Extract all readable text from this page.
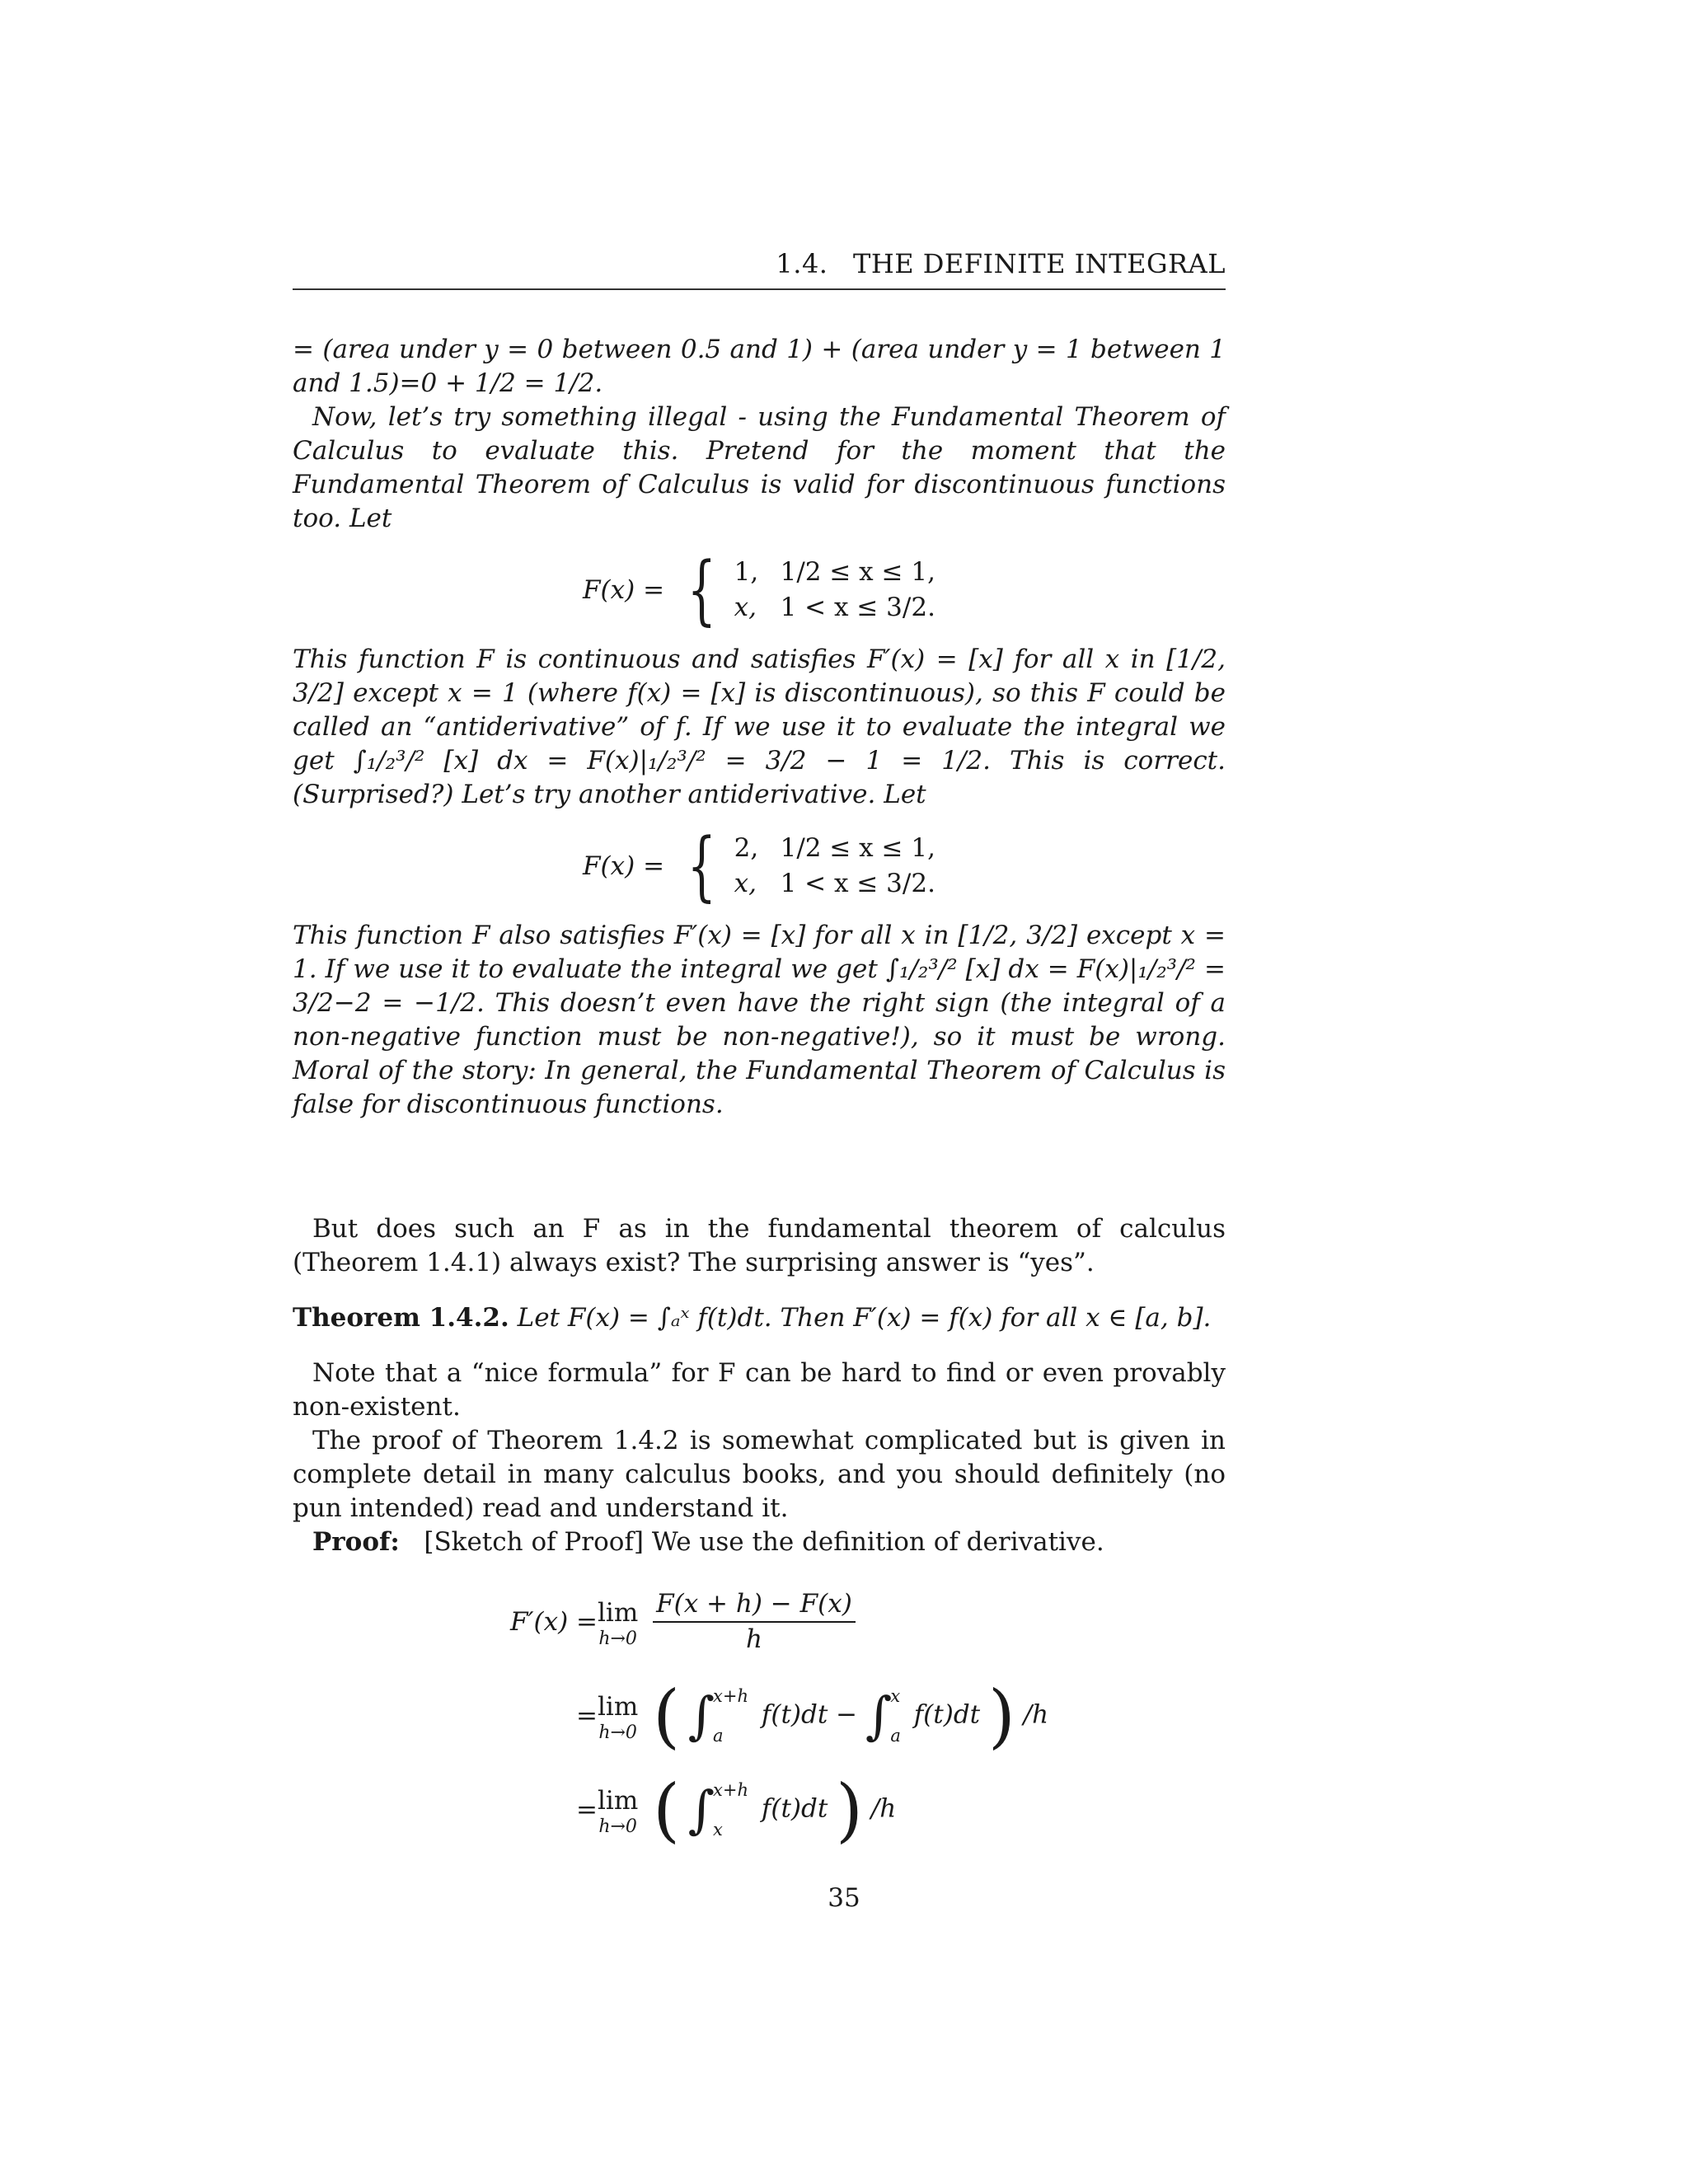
1.4. THE DEFINITE INTEGRAL

= (area under y = 0 between 0.5 and 1) + (area under y = 1 between 1 and 1.5)=0 + 1/2 = 1/2.

Now, let’s try something illegal - using the Fundamental Theorem of Calculus to evaluate this. Pretend for the moment that the Fundamental Theorem of Calculus is valid for discontinuous functions too. Let

F(x) = { 1, 1/2 ≤ x ≤ 1,
x, 1 < x ≤ 3/2.

This function F is continuous and satisfies F′(x) = [x] for all x in [1/2, 3/2] except x = 1 (where f(x) = [x] is discontinuous), so this F could be called an “antiderivative” of f. If we use it to evaluate the integral we get ∫₁/₂³/² [x] dx = F(x)|₁/₂³/² = 3/2 − 1 = 1/2. This is correct. (Surprised?) Let’s try another antiderivative. Let

F(x) = { 2, 1/2 ≤ x ≤ 1,
x, 1 < x ≤ 3/2.

This function F also satisfies F′(x) = [x] for all x in [1/2, 3/2] except x = 1. If we use it to evaluate the integral we get ∫₁/₂³/² [x] dx = F(x)|₁/₂³/² = 3/2−2 = −1/2. This doesn’t even have the right sign (the integral of a non-negative function must be non-negative!), so it must be wrong. Moral of the story: In general, the Fundamental Theorem of Calculus is false for discontinuous functions.

But does such an F as in the fundamental theorem of calculus (Theorem 1.4.1) always exist? The surprising answer is “yes”.

Theorem 1.4.2. Let F(x) = ∫ₐˣ f(t)dt. Then F′(x) = f(x) for all x ∈ [a, b].

Note that a “nice formula” for F can be hard to find or even provably non-existent.

The proof of Theorem 1.4.2 is somewhat complicated but is given in complete detail in many calculus books, and you should definitely (no pun intended) read and understand it.

Proof: [Sketch of Proof] We use the definition of derivative.

F′(x) = lim
h→0
$\frac{F(x + h) - F(x)}{h}$
= lim
h→0 ( ∫
x+h
a
f(t)dt − ∫
x
a
f(t)dt ) /h
= lim
h→0 ( ∫
x+h
x
f(t)dt ) /h
35
